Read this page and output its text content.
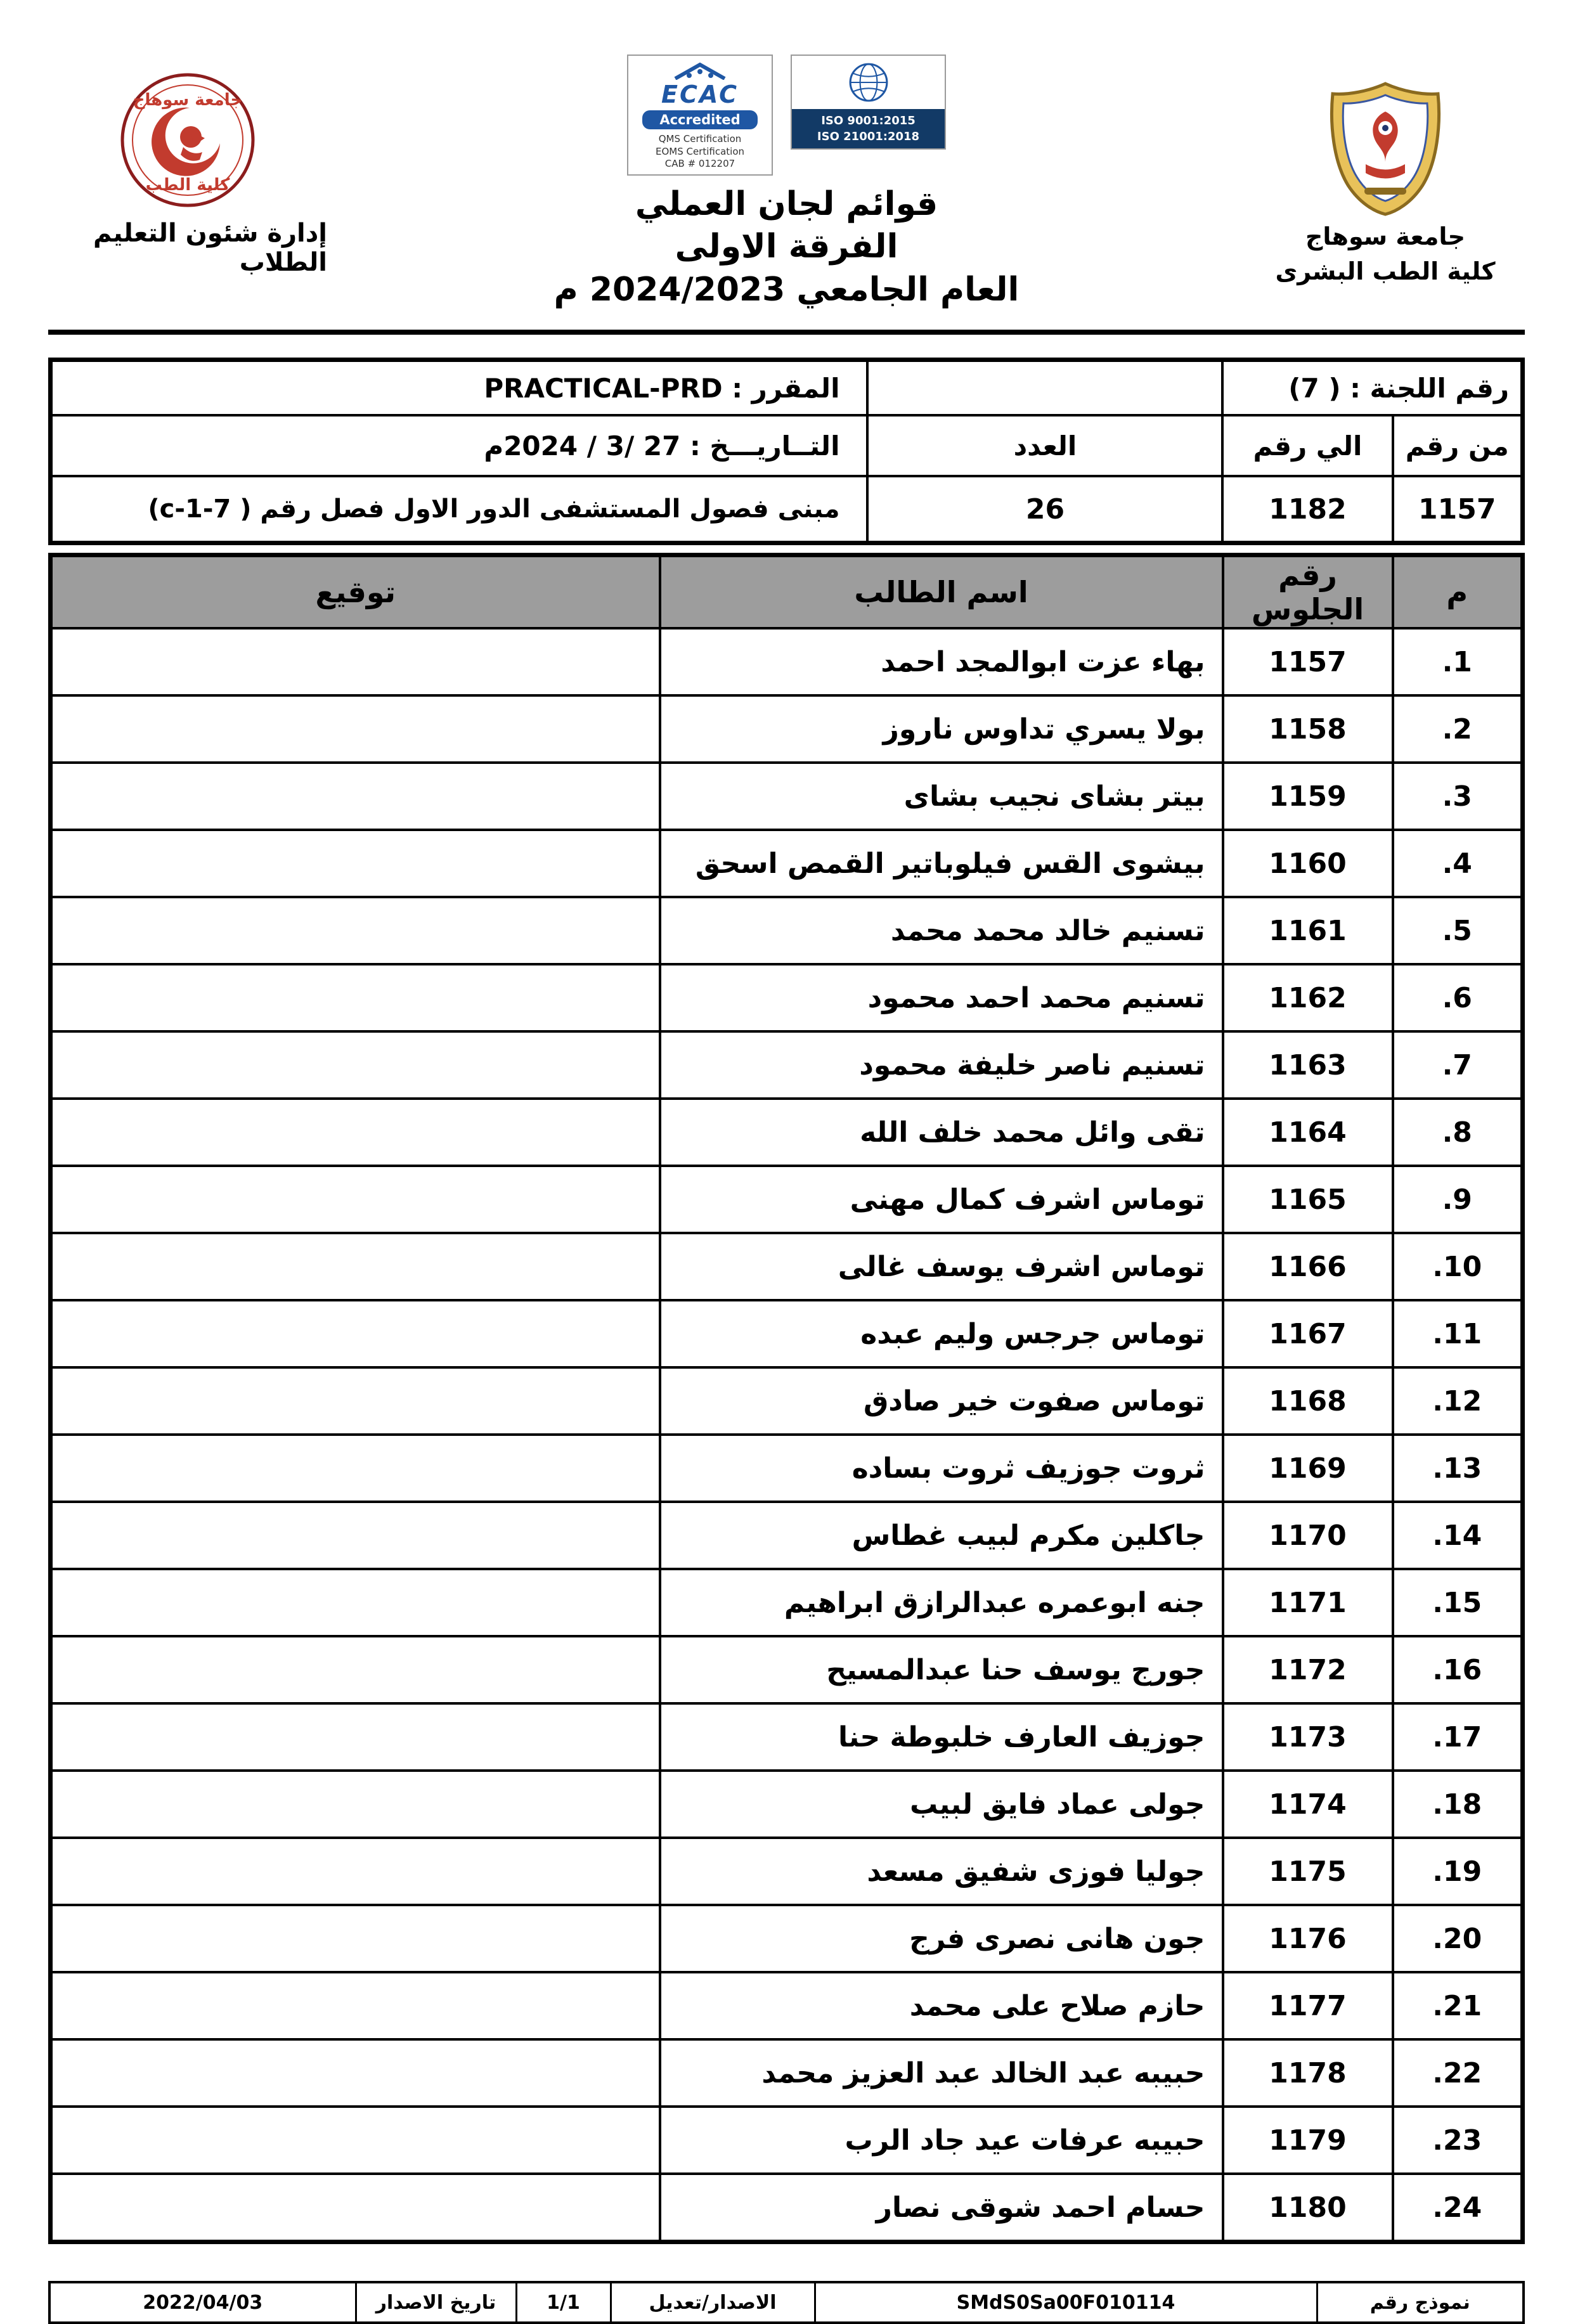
جامعة سوهاج
كلية الطب البشرى
ECAC
Accredited
QMS Certification
EOMS Certification
CAB # 012207
ISO 9001:2015
ISO 21001:2018
قوائم لجان العملي
الفرقة الاولى
العام الجامعي 2024/2023 م
جامعة سوهاج
كلية الطب
إدارة شئون التعليم الطلاب
رقم اللجنة : ( 7)			المقرر : PRACTICAL-PRD
من رقم	الي رقم	العدد	التــاريـــخ : 27 /3 / 2024م
1157	1182	26	مبنى فصول المستشفى الدور الاول فصل رقم ( 7-1-c)
م	رقم الجلوس	اسم الطالب	توقيع
1.	1157	بهاء عزت ابوالمجد احمد	
2.	1158	بولا يسري تداوس ناروز	
3.	1159	بيتر بشاى نجيب بشاى	
4.	1160	بيشوى القس فيلوباتير القمص اسحق	
5.	1161	تسنيم خالد محمد محمد	
6.	1162	تسنيم محمد احمد محمود	
7.	1163	تسنيم ناصر خليفة محمود	
8.	1164	تقى وائل محمد خلف الله	
9.	1165	توماس اشرف كمال مهنى	
10.	1166	توماس اشرف يوسف غالى	
11.	1167	توماس جرجس وليم عبده	
12.	1168	توماس صفوت خير صادق	
13.	1169	ثروت جوزيف ثروت بساده	
14.	1170	جاكلين مكرم لبيب غطاس	
15.	1171	جنه ابوعمره عبدالرازق ابراهيم	
16.	1172	جورج يوسف حنا عبدالمسيح	
17.	1173	جوزيف العارف خلبوطة حنا	
18.	1174	جولى عماد فايق لبيب	
19.	1175	جوليا فوزى شفيق مسعد	
20.	1176	جون هانى نصرى فرج	
21.	1177	حازم صلاح على محمد	
22.	1178	حبيبه عبد الخالد عبد العزيز محمد	
23.	1179	حبيبه عرفات عيد جاد الرب	
24.	1180	حسام احمد شوقى نصار	
نموذج رقم	SMdS0Sa00F010114	الاصدار/تعديل	1/1	تاريخ الاصدار	2022/04/03
